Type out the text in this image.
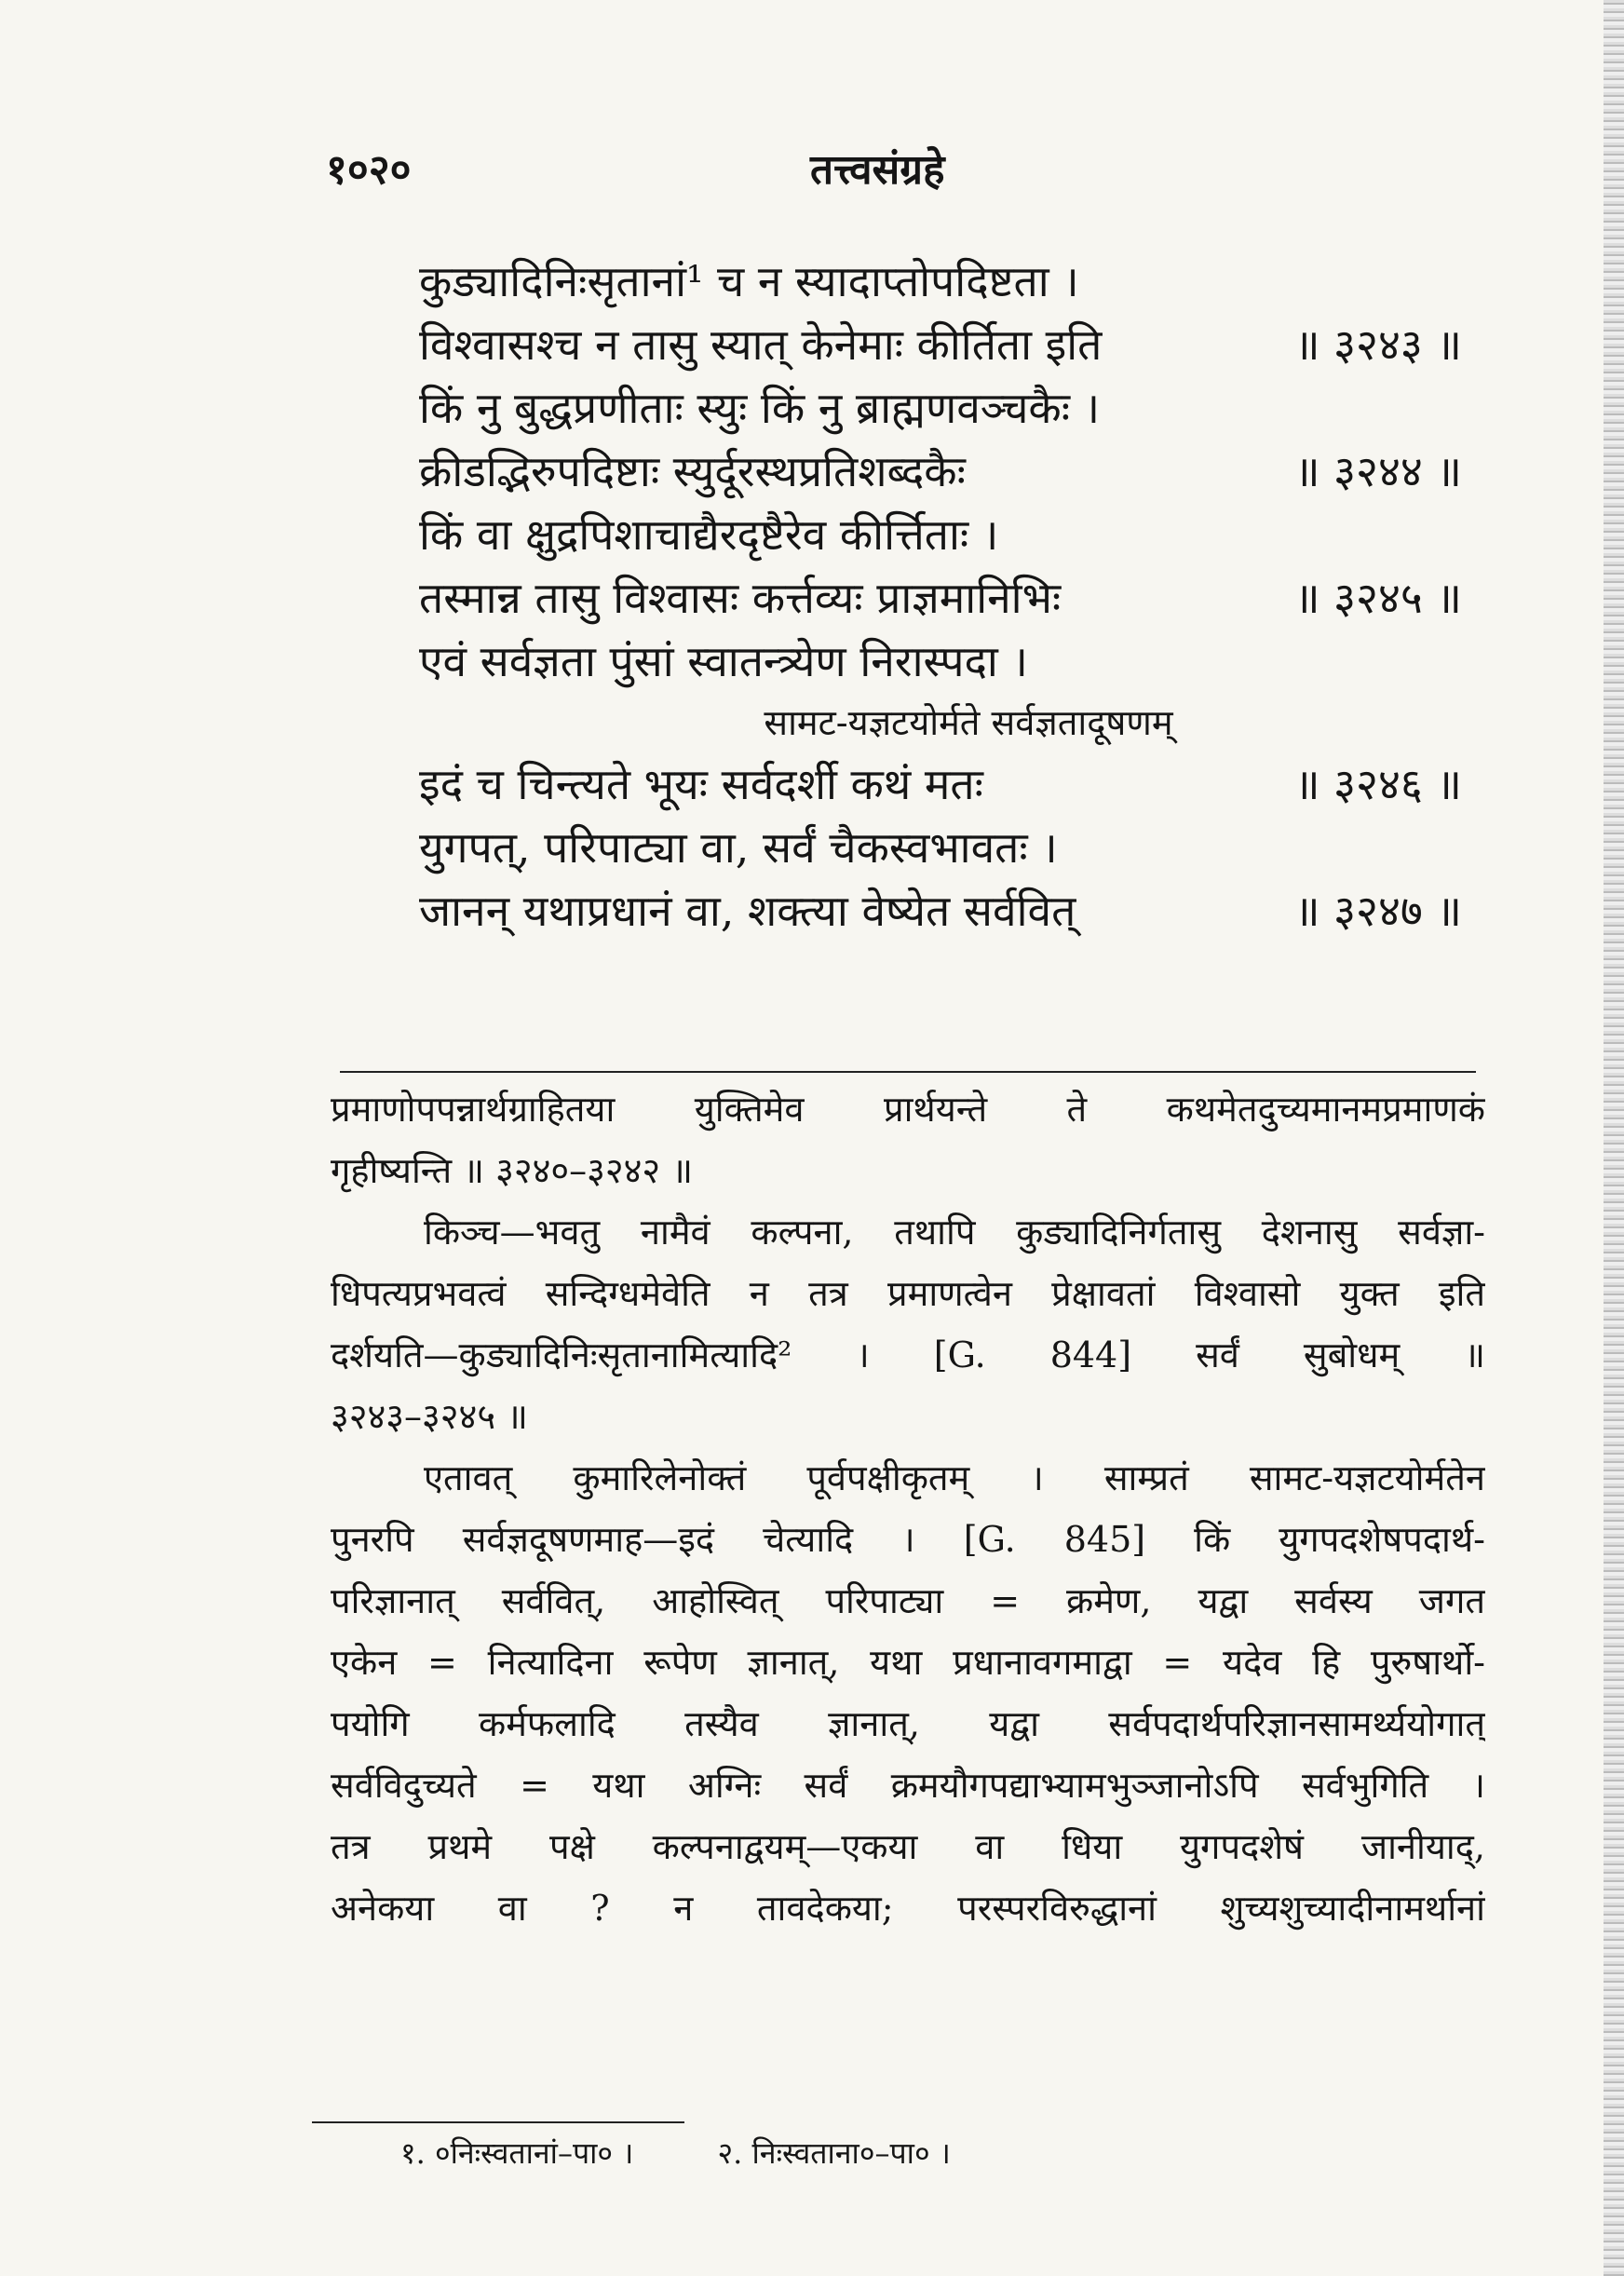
१०२०	तत्त्वसंग्रहे
कुड्यादिनिःसृतानां¹ च न स्यादाप्तोपदिष्टता ।
विश्वासश्च न तासु स्यात् केनेमाः कीर्तिता इति	॥ ३२४३ ॥
किं नु बुद्धप्रणीताः स्युः किं नु ब्राह्मणवञ्चकैः ।
क्रीडद्भिरुपदिष्टाः स्युर्दूरस्थप्रतिशब्दकैः	॥ ३२४४ ॥
किं वा क्षुद्रपिशाचाद्यैरदृष्टैरेव कीर्त्तिताः ।
तस्मान्न तासु विश्वासः कर्त्तव्यः प्राज्ञमानिभिः	॥ ३२४५ ॥
एवं सर्वज्ञता पुंसां स्वातन्त्र्येण निरास्पदा ।
सामट-यज्ञटयोर्मते सर्वज्ञतादूषणम्
इदं च चिन्त्यते भूयः सर्वदर्शी कथं मतः	॥ ३२४६ ॥
युगपत्, परिपाट्या वा, सर्वं चैकस्वभावतः ।
जानन् यथाप्रधानं वा, शक्त्या वेष्येत सर्ववित्	॥ ३२४७ ॥
प्रमाणोपपन्नार्थग्राहितया युक्तिमेव प्रार्थयन्ते ते कथमेतदुच्यमानमप्रमाणकं
गृहीष्यन्ति ॥ ३२४०–३२४२ ॥
किञ्च—भवतु नामैवं कल्पना, तथापि कुड्यादिनिर्गतासु देशनासु सर्वज्ञा-
धिपत्यप्रभवत्वं सन्दिग्धमेवेति न तत्र प्रमाणत्वेन प्रेक्षावतां विश्वासो युक्त इति
दर्शयति—कुड्यादिनिःसृतानामित्यादि² । [G. 844] सर्वं सुबोधम् ॥
३२४३–३२४५ ॥
एतावत् कुमारिलेनोक्तं पूर्वपक्षीकृतम् । साम्प्रतं सामट-यज्ञटयोर्मतेन
पुनरपि सर्वज्ञदूषणमाह—इदं चेत्यादि । [G. 845] किं युगपदशेषपदार्थ-
परिज्ञानात् सर्ववित्, आहोस्वित् परिपाट्या = क्रमेण, यद्वा सर्वस्य जगत
एकेन = नित्यादिना रूपेण ज्ञानात्, यथा प्रधानावगमाद्वा = यदेव हि पुरुषार्थो-
पयोगि कर्मफलादि तस्यैव ज्ञानात्, यद्वा सर्वपदार्थपरिज्ञानसामर्थ्ययोगात्
सर्वविदुच्यते = यथा अग्निः सर्वं क्रमयौगपद्याभ्यामभुञ्जानोऽपि सर्वभुगिति ।
तत्र प्रथमे पक्षे कल्पनाद्वयम्—एकया वा धिया युगपदशेषं जानीयाद्,
अनेकया वा ? न तावदेकया; परस्परविरुद्धानां शुच्यशुच्यादीनामर्थानां
१. ०निःस्वतानां–पा० ।	२. निःस्वताना०–पा० ।
